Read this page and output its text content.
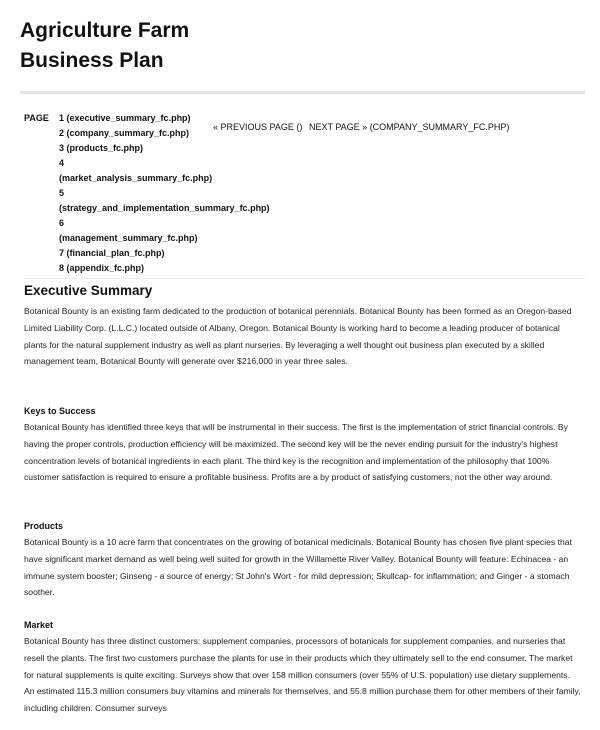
Agriculture Farm
Business Plan
PAGE 1 (executive_summary_fc.php)
2 (company_summary_fc.php)
3 (products_fc.php)
4
(market_analysis_summary_fc.php)
5
(strategy_and_implementation_summary_fc.php)
6
(management_summary_fc.php)
7 (financial_plan_fc.php)
8 (appendix_fc.php)
« PREVIOUS PAGE () NEXT PAGE » (COMPANY_SUMMARY_FC.PHP)
Executive Summary

Botanical Bounty is an existing farm dedicated to the production of botanical perennials. Botanical Bounty has been formed as an Oregon-based Limited Liability Corp. (L.L.C.) located outside of Albany, Oregon. Botanical Bounty is working hard to become a leading producer of botanical plants for the natural supplement industry as well as plant nurseries. By leveraging a well thought out business plan executed by a skilled management team, Botanical Bounty will generate over $216,000 in year three sales.

Keys to Success

Botanical Bounty has identified three keys that will be instrumental in their success. The first is the implementation of strict financial controls. By having the proper controls, production efficiency will be maximized. The second key will be the never ending pursuit for the industry's highest concentration levels of botanical ingredients in each plant. The third key is the recognition and implementation of the philosophy that 100% customer satisfaction is required to ensure a profitable business. Profits are a by product of satisfying customers, not the other way around.

Products

Botanical Bounty is a 10 acre farm that concentrates on the growing of botanical medicinals. Botanical Bounty has chosen five plant species that have significant market demand as well being well suited for growth in the Willamette River Valley. Botanical Bounty will feature: Echinacea - an immune system booster; Ginseng - a source of energy; St John's Wort - for mild depression; Skullcap- for inflammation; and Ginger - a stomach soother.

Market

Botanical Bounty has three distinct customers: supplement companies, processors of botanicals for supplement companies, and nurseries that resell the plants. The first two customers purchase the plants for use in their products which they ultimately sell to the end consumer. The market for natural supplements is quite exciting. Surveys show that over 158 million consumers (over 55% of U.S. population) use dietary supplements. An estimated 115.3 million consumers buy vitamins and minerals for themselves, and 55.8 million purchase them for other members of their family, including children. Consumer surveys
